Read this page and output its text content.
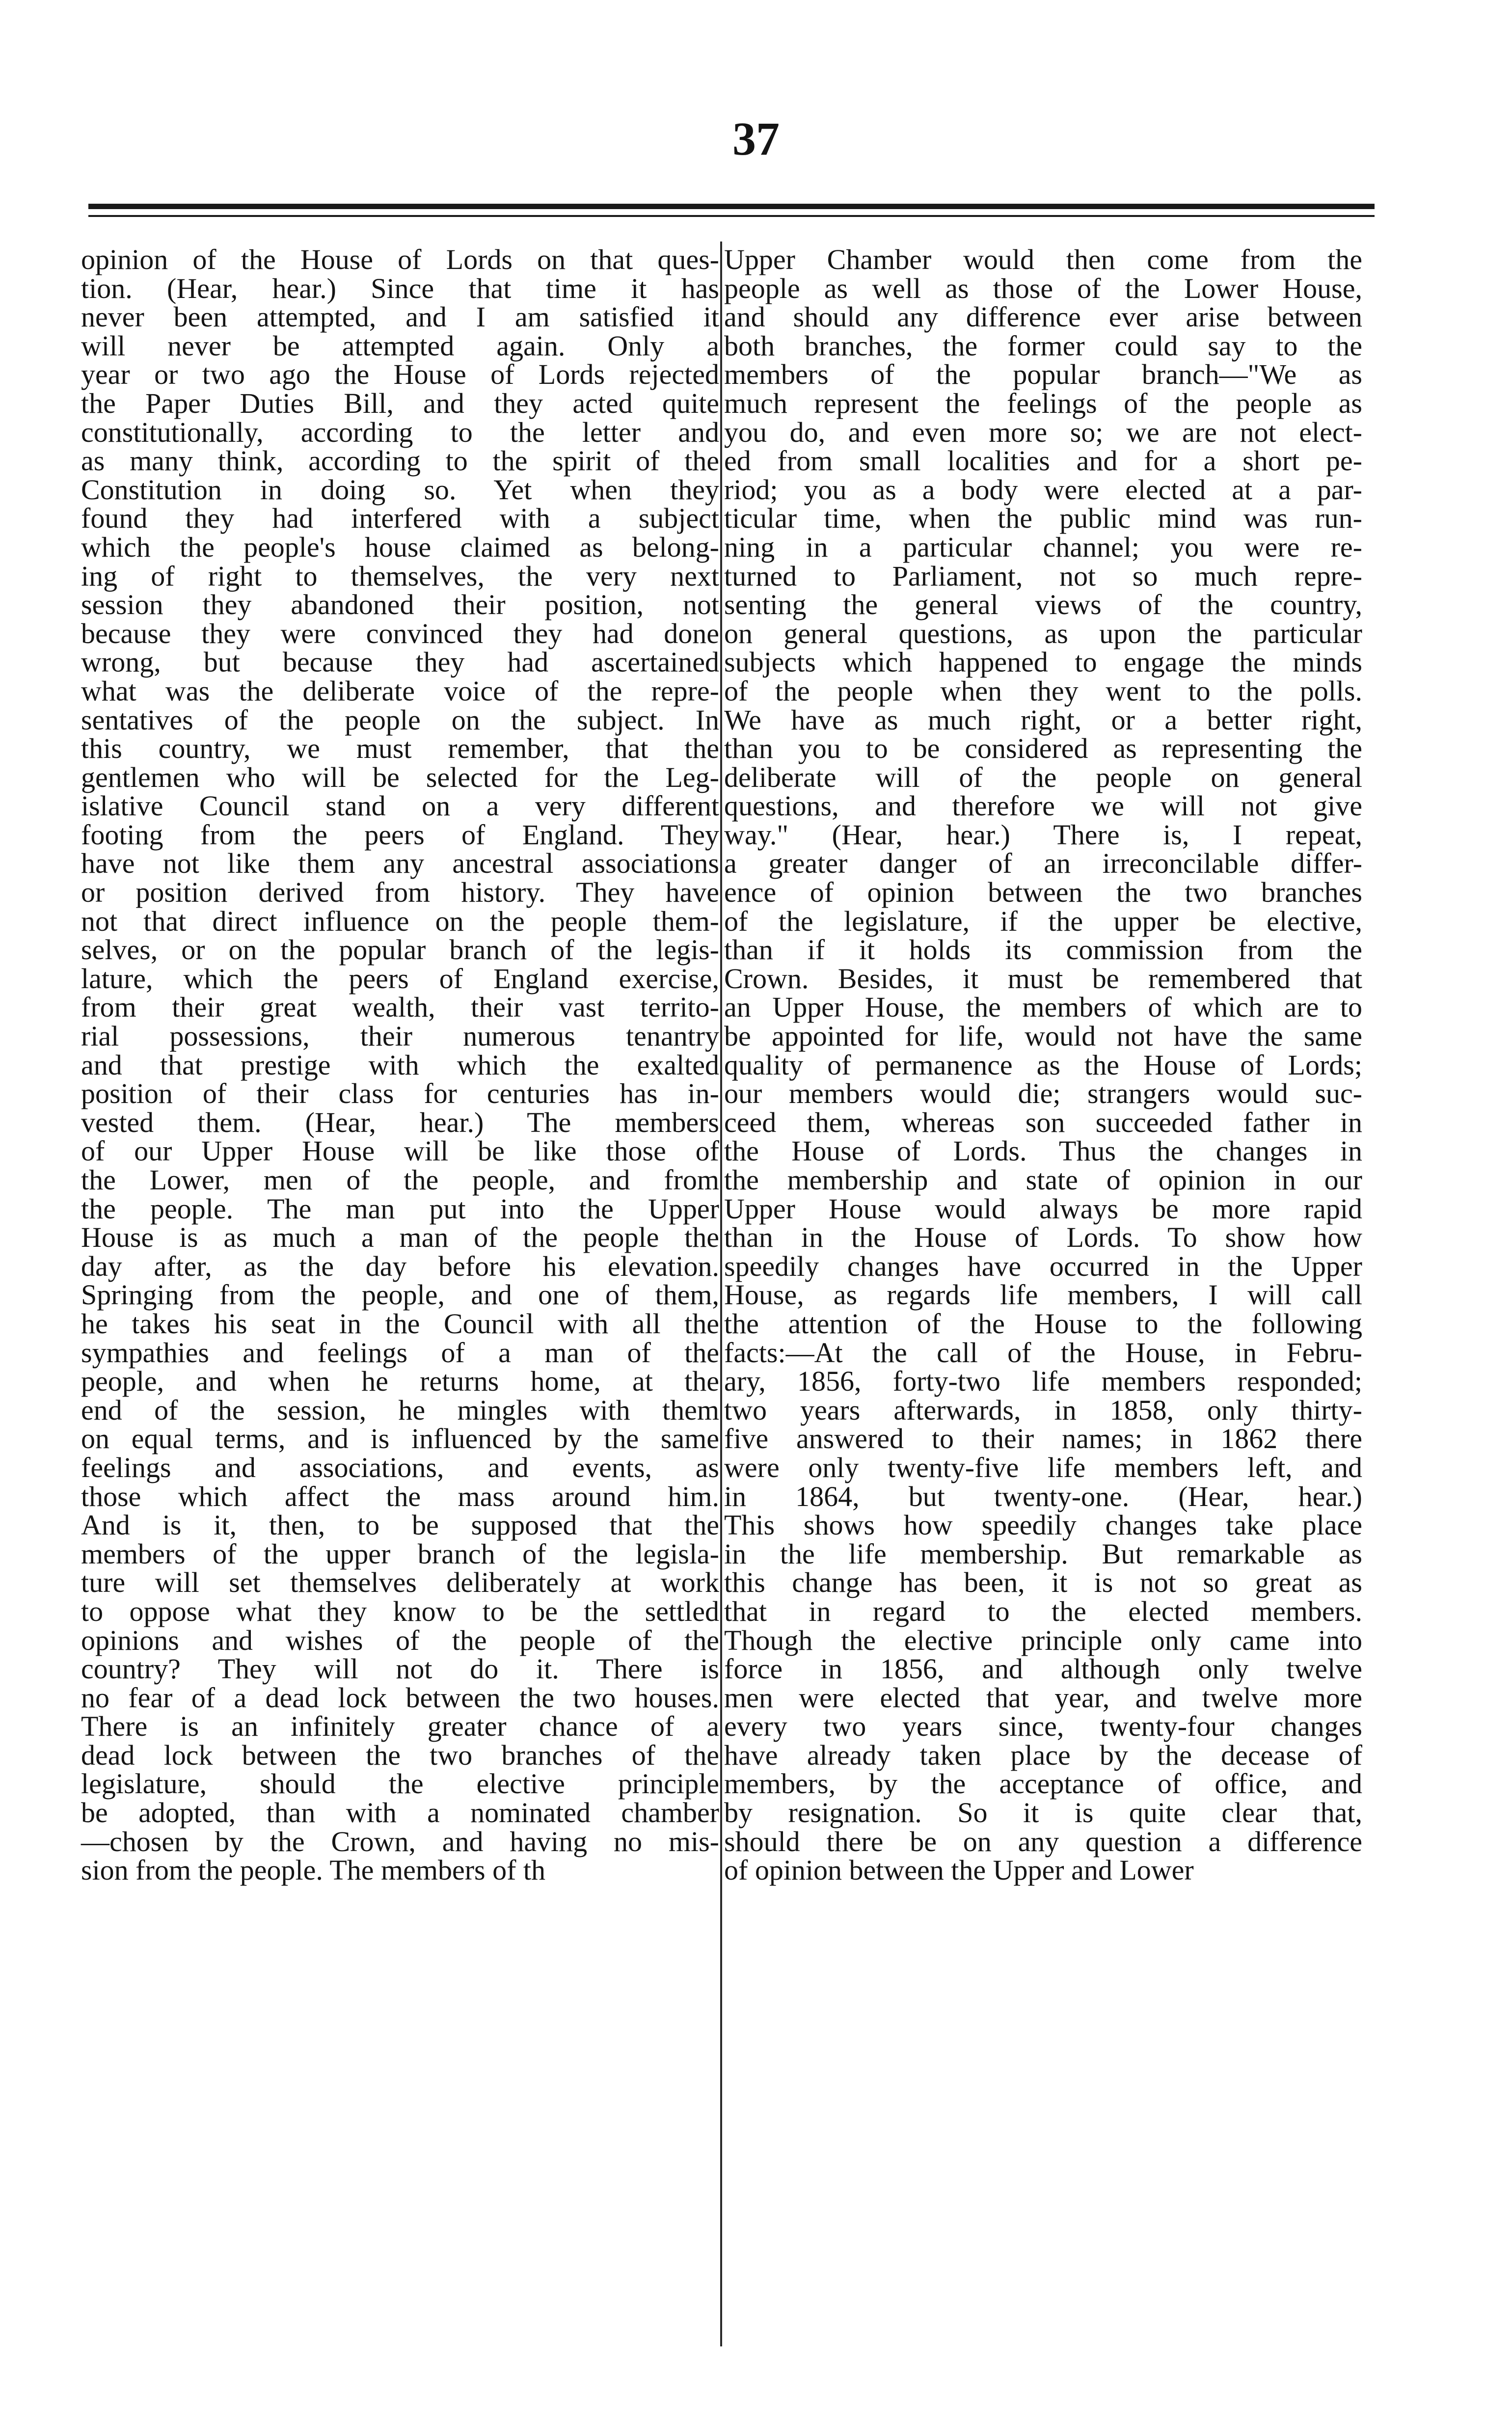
37
opinion of the House of Lords on that ques-
tion. (Hear, hear.) Since that time it has
never been attempted, and I am satisfied it
will never be attempted again. Only a
year or two ago the House of Lords rejected
the Paper Duties Bill, and they acted quite
constitutionally, according to the letter and
as many think, according to the spirit of the
Constitution in doing so. Yet when they
found they had interfered with a subject
which the people's house claimed as belong-
ing of right to themselves, the very next
session they abandoned their position, not
because they were convinced they had done
wrong, but because they had ascertained
what was the deliberate voice of the repre-
sentatives of the people on the subject. In
this country, we must remember, that the
gentlemen who will be selected for the Leg-
islative Council stand on a very different
footing from the peers of England. They
have not like them any ancestral associations
or position derived from history. They have
not that direct influence on the people them-
selves, or on the popular branch of the legis-
lature, which the peers of England exercise,
from their great wealth, their vast territo-
rial possessions, their numerous tenantry
and that prestige with which the exalted
position of their class for centuries has in-
vested them. (Hear, hear.) The members
of our Upper House will be like those of
the Lower, men of the people, and from
the people. The man put into the Upper
House is as much a man of the people the
day after, as the day before his elevation.
Springing from the people, and one of them,
he takes his seat in the Council with all the
sympathies and feelings of a man of the
people, and when he returns home, at the
end of the session, he mingles with them
on equal terms, and is influenced by the same
feelings and associations, and events, as
those which affect the mass around him.
And is it, then, to be supposed that the
members of the upper branch of the legisla-
ture will set themselves deliberately at work
to oppose what they know to be the settled
opinions and wishes of the people of the
country? They will not do it. There is
no fear of a dead lock between the two houses.
There is an infinitely greater chance of a
dead lock between the two branches of the
legislature, should the elective principle
be adopted, than with a nominated chamber
—chosen by the Crown, and having no mis-
sion from the people. The members of th
Upper Chamber would then come from the
people as well as those of the Lower House,
and should any difference ever arise between
both branches, the former could say to the
members of the popular branch—"We as
much represent the feelings of the people as
you do, and even more so; we are not elect-
ed from small localities and for a short pe-
riod; you as a body were elected at a par-
ticular time, when the public mind was run-
ning in a particular channel; you were re-
turned to Parliament, not so much repre-
senting the general views of the country,
on general questions, as upon the particular
subjects which happened to engage the minds
of the people when they went to the polls.
We have as much right, or a better right,
than you to be considered as representing the
deliberate will of the people on general
questions, and therefore we will not give
way." (Hear, hear.) There is, I repeat,
a greater danger of an irreconcilable differ-
ence of opinion between the two branches
of the legislature, if the upper be elective,
than if it holds its commission from the
Crown. Besides, it must be remembered that
an Upper House, the members of which are to
be appointed for life, would not have the same
quality of permanence as the House of Lords;
our members would die; strangers would suc-
ceed them, whereas son succeeded father in
the House of Lords. Thus the changes in
the membership and state of opinion in our
Upper House would always be more rapid
than in the House of Lords. To show how
speedily changes have occurred in the Upper
House, as regards life members, I will call
the attention of the House to the following
facts:—At the call of the House, in Febru-
ary, 1856, forty-two life members responded;
two years afterwards, in 1858, only thirty-
five answered to their names; in 1862 there
were only twenty-five life members left, and
in 1864, but twenty-one. (Hear, hear.)
This shows how speedily changes take place
in the life membership. But remarkable as
this change has been, it is not so great as
that in regard to the elected members.
Though the elective principle only came into
force in 1856, and although only twelve
men were elected that year, and twelve more
every two years since, twenty-four changes
have already taken place by the decease of
members, by the acceptance of office, and
by resignation. So it is quite clear that,
should there be on any question a difference
of opinion between the Upper and Lower
